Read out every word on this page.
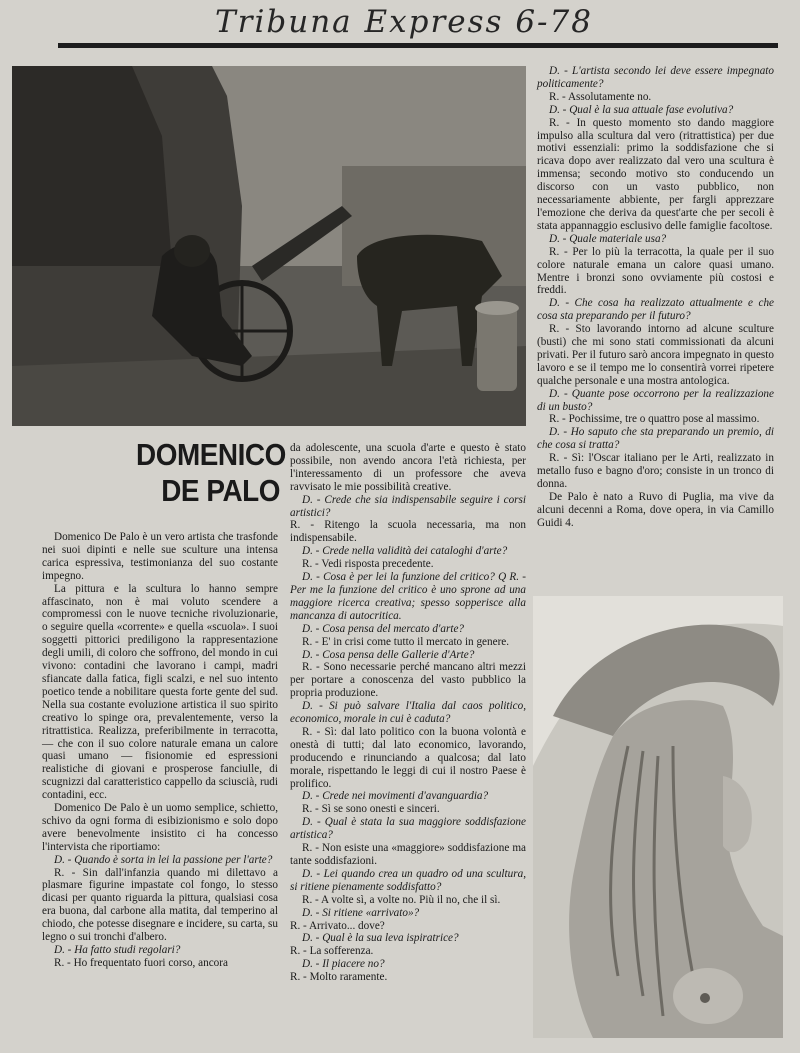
Tribuna Express 6-78
DOMENICO
DE PALO

Domenico De Palo è un vero artista che trasfonde nei suoi dipinti e nelle sue sculture una intensa carica espressiva, testimonianza del suo costante impegno.

La pittura e la scultura lo hanno sempre affascinato, non è mai voluto scendere a compromessi con le nuove tecniche rivoluzionarie, o seguire quella «corrente» e quella «scuola». I suoi soggetti pittorici prediligono la rappresentazione degli umili, di coloro che soffrono, del mondo in cui vivono: contadini che lavorano i campi, madri sfiancate dalla fatica, figli scalzi, e nel suo intento poetico tende a nobilitare questa forte gente del sud. Nella sua costante evoluzione artistica il suo spirito creativo lo spinge ora, prevalentemente, verso la ritrattistica. Realizza, preferibilmente in terracotta,— che con il suo colore naturale emana un calore quasi umano — fisionomie ed espressioni realistiche di giovani e prosperose fanciulle, di scugnizzi dal caratteristico cappello da sciuscià, rudi contadini, ecc.

Domenico De Palo è un uomo semplice, schietto, schivo da ogni forma di esibizionismo e solo dopo avere benevolmente insistito ci ha concesso l'intervista che riportiamo:

D. - Quando è sorta in lei la passione per l'arte?

R. - Sin dall'infanzia quando mi dilettavo a plasmare figurine impastate col fongo, lo stesso dicasi per quanto riguarda la pittura, qualsiasi cosa era buona, dal carbone alla matita, dal temperino al chiodo, che potesse disegnare e incidere, su carta, su legno o sui tronchi d'albero.

D. - Ha fatto studi regolari?

R. - Ho frequentato fuori corso, ancora

da adolescente, una scuola d'arte e questo è stato possibile, non avendo ancora l'età richiesta, per l'interessamento di un professore che aveva ravvisato le mie possibilità creative.

D. - Crede che sia indispensabile seguire i corsi artistici?

R. - Ritengo la scuola necessaria, ma non indispensabile.

D. - Crede nella validità dei cataloghi d'arte?

R. - Vedi risposta precedente.

D. - Cosa è per lei la funzione del critico? Q R. - Per me la funzione del critico è uno sprone ad una maggiore ricerca creativa; spesso sopperisce alla mancanza di autocritica.

D. - Cosa pensa del mercato d'arte?

R. - E' in crisi come tutto il mercato in genere.

D. - Cosa pensa delle Gallerie d'Arte?

R. - Sono necessarie perché mancano altri mezzi per portare a conoscenza del vasto pubblico la propria produzione.

D. - Si può salvare l'Italia dal caos politico, economico, morale in cui è caduta?

R. - Sì: dal lato politico con la buona volontà e onestà di tutti; dal lato economico, lavorando, producendo e rinunciando a qualcosa; dal lato morale, rispettando le leggi di cui il nostro Paese è prolifico.

D. - Crede nei movimenti d'avanguardia?

R. - Sì se sono onesti e sinceri.

D. - Qual è stata la sua maggiore soddisfazione artistica?

R. - Non esiste una «maggiore» soddisfazione ma tante soddisfazioni.

D. - Lei quando crea un quadro od una scultura, si ritiene pienamente soddisfatto?

R. - A volte sì, a volte no. Più il no, che il sì.

D. - Si ritiene «arrivato»?

R. - Arrivato... dove?

D. - Qual è la sua leva ispiratrice?

R. - La sofferenza.

D. - Il piacere no?

R. - Molto raramente.

D. - L'artista secondo lei deve essere impegnato politicamente?

R. - Assolutamente no.

D. - Qual è la sua attuale fase evolutiva?

R. - In questo momento sto dando maggiore impulso alla scultura dal vero (ritrattistica) per due motivi essenziali: primo la soddisfazione che si ricava dopo aver realizzato dal vero una scultura è immensa; secondo motivo sto conducendo un discorso con un vasto pubblico, non necessariamente abbiente, per fargli apprezzare l'emozione che deriva da quest'arte che per secoli è stata appannaggio esclusivo delle famiglie facoltose.

D. - Quale materiale usa?

R. - Per lo più la terracotta, la quale per il suo colore naturale emana un calore quasi umano. Mentre i bronzi sono ovviamente più costosi e freddi.

D. - Che cosa ha realizzato attualmente e che cosa sta preparando per il futuro?

R. - Sto lavorando intorno ad alcune sculture (busti) che mi sono stati commissionati da alcuni privati. Per il futuro sarò ancora impegnato in questo lavoro e se il tempo me lo consentirà vorrei ripetere qualche personale e una mostra antologica.

D. - Quante pose occorrono per la realizzazione di un busto?

R. - Pochissime, tre o quattro pose al massimo.

D. - Ho saputo che sta preparando un premio, di che cosa si tratta?

R. - Sì: l'Oscar italiano per le Arti, realizzato in metallo fuso e bagno d'oro; consiste in un tronco di donna.

De Palo è nato a Ruvo di Puglia, ma vive da alcuni decenni a Roma, dove opera, in via Camillo Guidi 4.
